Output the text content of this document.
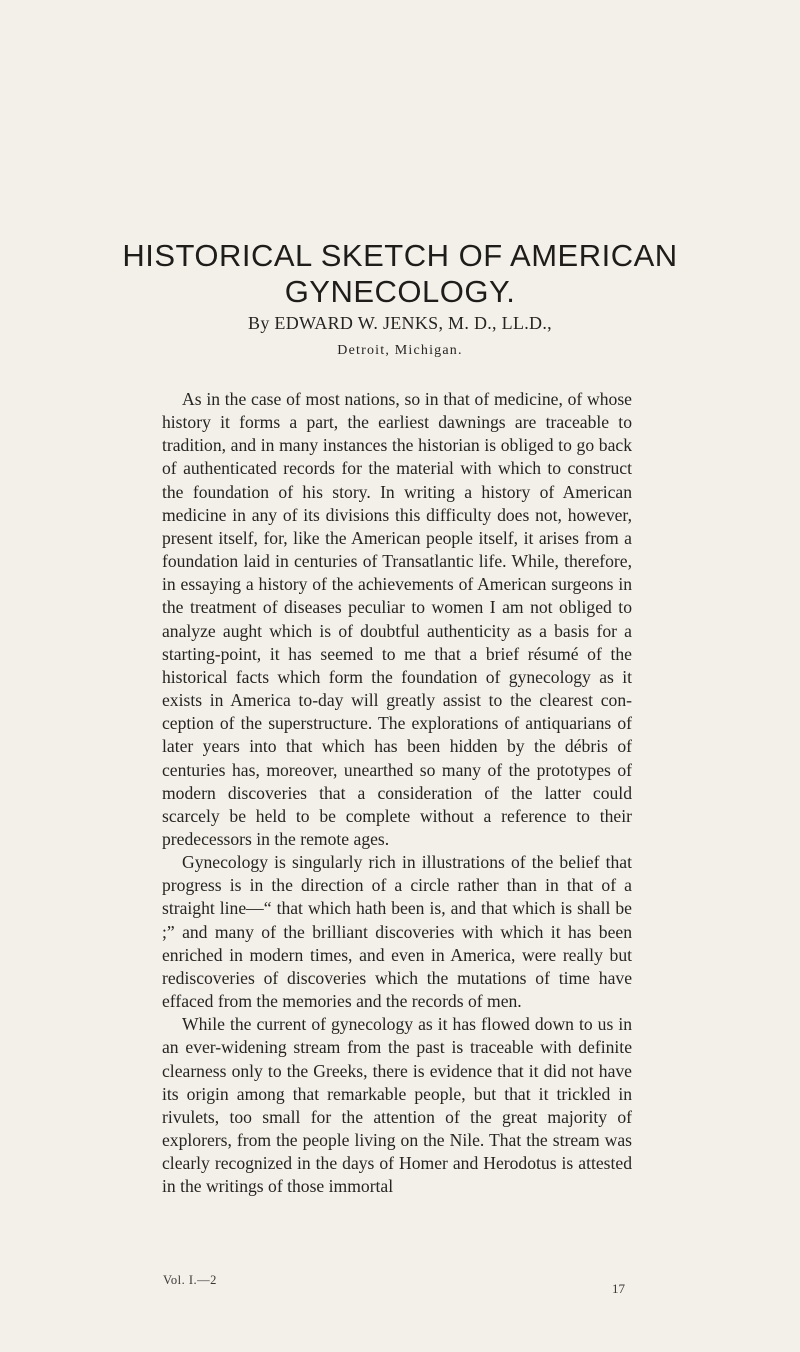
HISTORICAL SKETCH OF AMERICAN
GYNECOLOGY.
By EDWARD W. JENKS, M. D., LL.D.,
Detroit, Michigan.

As in the case of most nations, so in that of medicine, of whose history it forms a part, the earliest dawnings are traceable to tradition, and in many instances the historian is obliged to go back of authenticated records for the material with which to construct the foundation of his story. In writing a history of American medicine in any of its divisions this difficulty does not, however, present itself, for, like the American people itself, it arises from a foundation laid in centuries of Transatlantic life. While, therefore, in essaying a history of the achievements of American surgeons in the treatment of diseases peculiar to women I am not obliged to analyze aught which is of doubtful authenticity as a basis for a starting-point, it has seemed to me that a brief résumé of the historical facts which form the foundation of gynecology as it exists in America to-day will greatly assist to the clearest conception of the superstructure. The explorations of antiquarians of later years into that which has been hidden by the débris of centuries has, moreover, unearthed so many of the prototypes of modern discoveries that a consideration of the latter could scarcely be held to be complete without a reference to their predecessors in the remote ages.

Gynecology is singularly rich in illustrations of the belief that progress is in the direction of a circle rather than in that of a straight line—“ that which hath been is, and that which is shall be ;” and many of the brilliant discoveries with which it has been enriched in modern times, and even in America, were really but rediscoveries of discoveries which the mutations of time have effaced from the memories and the records of men.

While the current of gynecology as it has flowed down to us in an ever-widening stream from the past is traceable with definite clearness only to the Greeks, there is evidence that it did not have its origin among that remarkable people, but that it trickled in rivulets, too small for the attention of the great majority of explorers, from the people living on the Nile. That the stream was clearly recognized in the days of Homer and Herodotus is attested in the writings of those immortal

Vol. I.—2
17
